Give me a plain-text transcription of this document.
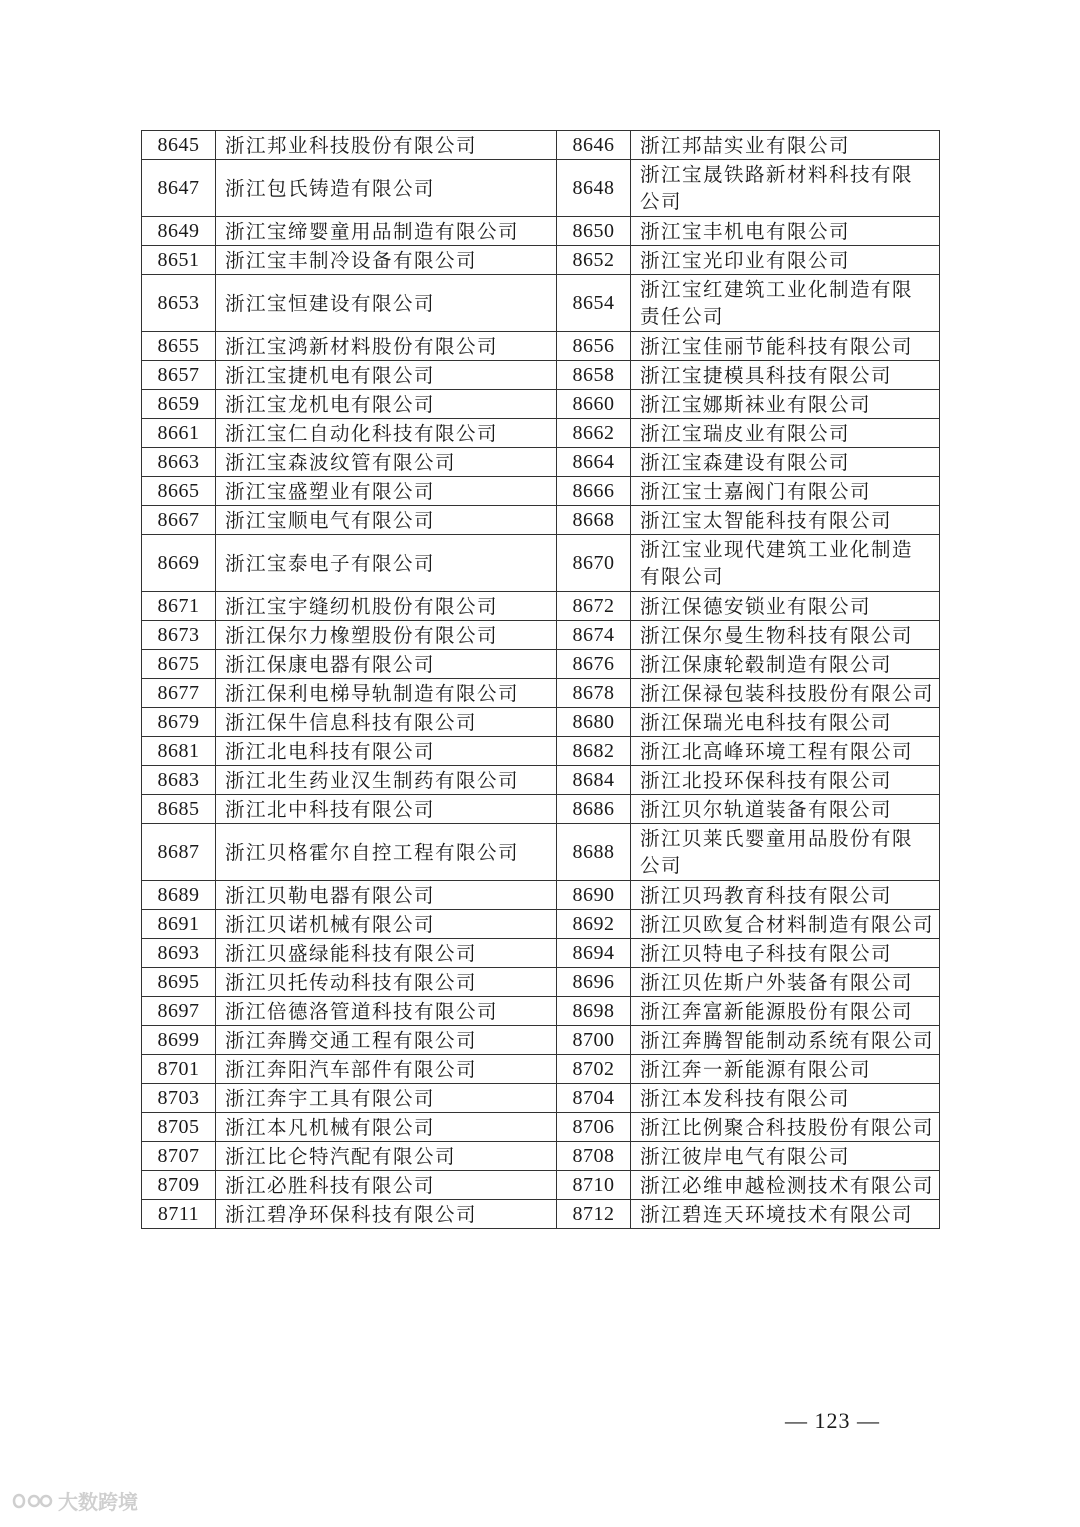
8645	浙江邦业科技股份有限公司	8646	浙江邦喆实业有限公司
8647	浙江包氏铸造有限公司	8648	浙江宝晟铁路新材料科技有限公司
8649	浙江宝缔婴童用品制造有限公司	8650	浙江宝丰机电有限公司
8651	浙江宝丰制冷设备有限公司	8652	浙江宝光印业有限公司
8653	浙江宝恒建设有限公司	8654	浙江宝红建筑工业化制造有限责任公司
8655	浙江宝鸿新材料股份有限公司	8656	浙江宝佳丽节能科技有限公司
8657	浙江宝捷机电有限公司	8658	浙江宝捷模具科技有限公司
8659	浙江宝龙机电有限公司	8660	浙江宝娜斯袜业有限公司
8661	浙江宝仁自动化科技有限公司	8662	浙江宝瑞皮业有限公司
8663	浙江宝森波纹管有限公司	8664	浙江宝森建设有限公司
8665	浙江宝盛塑业有限公司	8666	浙江宝士嘉阀门有限公司
8667	浙江宝顺电气有限公司	8668	浙江宝太智能科技有限公司
8669	浙江宝泰电子有限公司	8670	浙江宝业现代建筑工业化制造有限公司
8671	浙江宝宇缝纫机股份有限公司	8672	浙江保德安锁业有限公司
8673	浙江保尔力橡塑股份有限公司	8674	浙江保尔曼生物科技有限公司
8675	浙江保康电器有限公司	8676	浙江保康轮毂制造有限公司
8677	浙江保利电梯导轨制造有限公司	8678	浙江保禄包装科技股份有限公司
8679	浙江保牛信息科技有限公司	8680	浙江保瑞光电科技有限公司
8681	浙江北电科技有限公司	8682	浙江北高峰环境工程有限公司
8683	浙江北生药业汉生制药有限公司	8684	浙江北投环保科技有限公司
8685	浙江北中科技有限公司	8686	浙江贝尔轨道装备有限公司
8687	浙江贝格霍尔自控工程有限公司	8688	浙江贝莱氏婴童用品股份有限公司
8689	浙江贝勒电器有限公司	8690	浙江贝玛教育科技有限公司
8691	浙江贝诺机械有限公司	8692	浙江贝欧复合材料制造有限公司
8693	浙江贝盛绿能科技有限公司	8694	浙江贝特电子科技有限公司
8695	浙江贝托传动科技有限公司	8696	浙江贝佐斯户外装备有限公司
8697	浙江倍德洛管道科技有限公司	8698	浙江奔富新能源股份有限公司
8699	浙江奔腾交通工程有限公司	8700	浙江奔腾智能制动系统有限公司
8701	浙江奔阳汽车部件有限公司	8702	浙江奔一新能源有限公司
8703	浙江奔宇工具有限公司	8704	浙江本发科技有限公司
8705	浙江本凡机械有限公司	8706	浙江比例聚合科技股份有限公司
8707	浙江比仑特汽配有限公司	8708	浙江彼岸电气有限公司
8709	浙江必胜科技有限公司	8710	浙江必维申越检测技术有限公司
8711	浙江碧净环保科技有限公司	8712	浙江碧连天环境技术有限公司
— 123 —
大数跨境
